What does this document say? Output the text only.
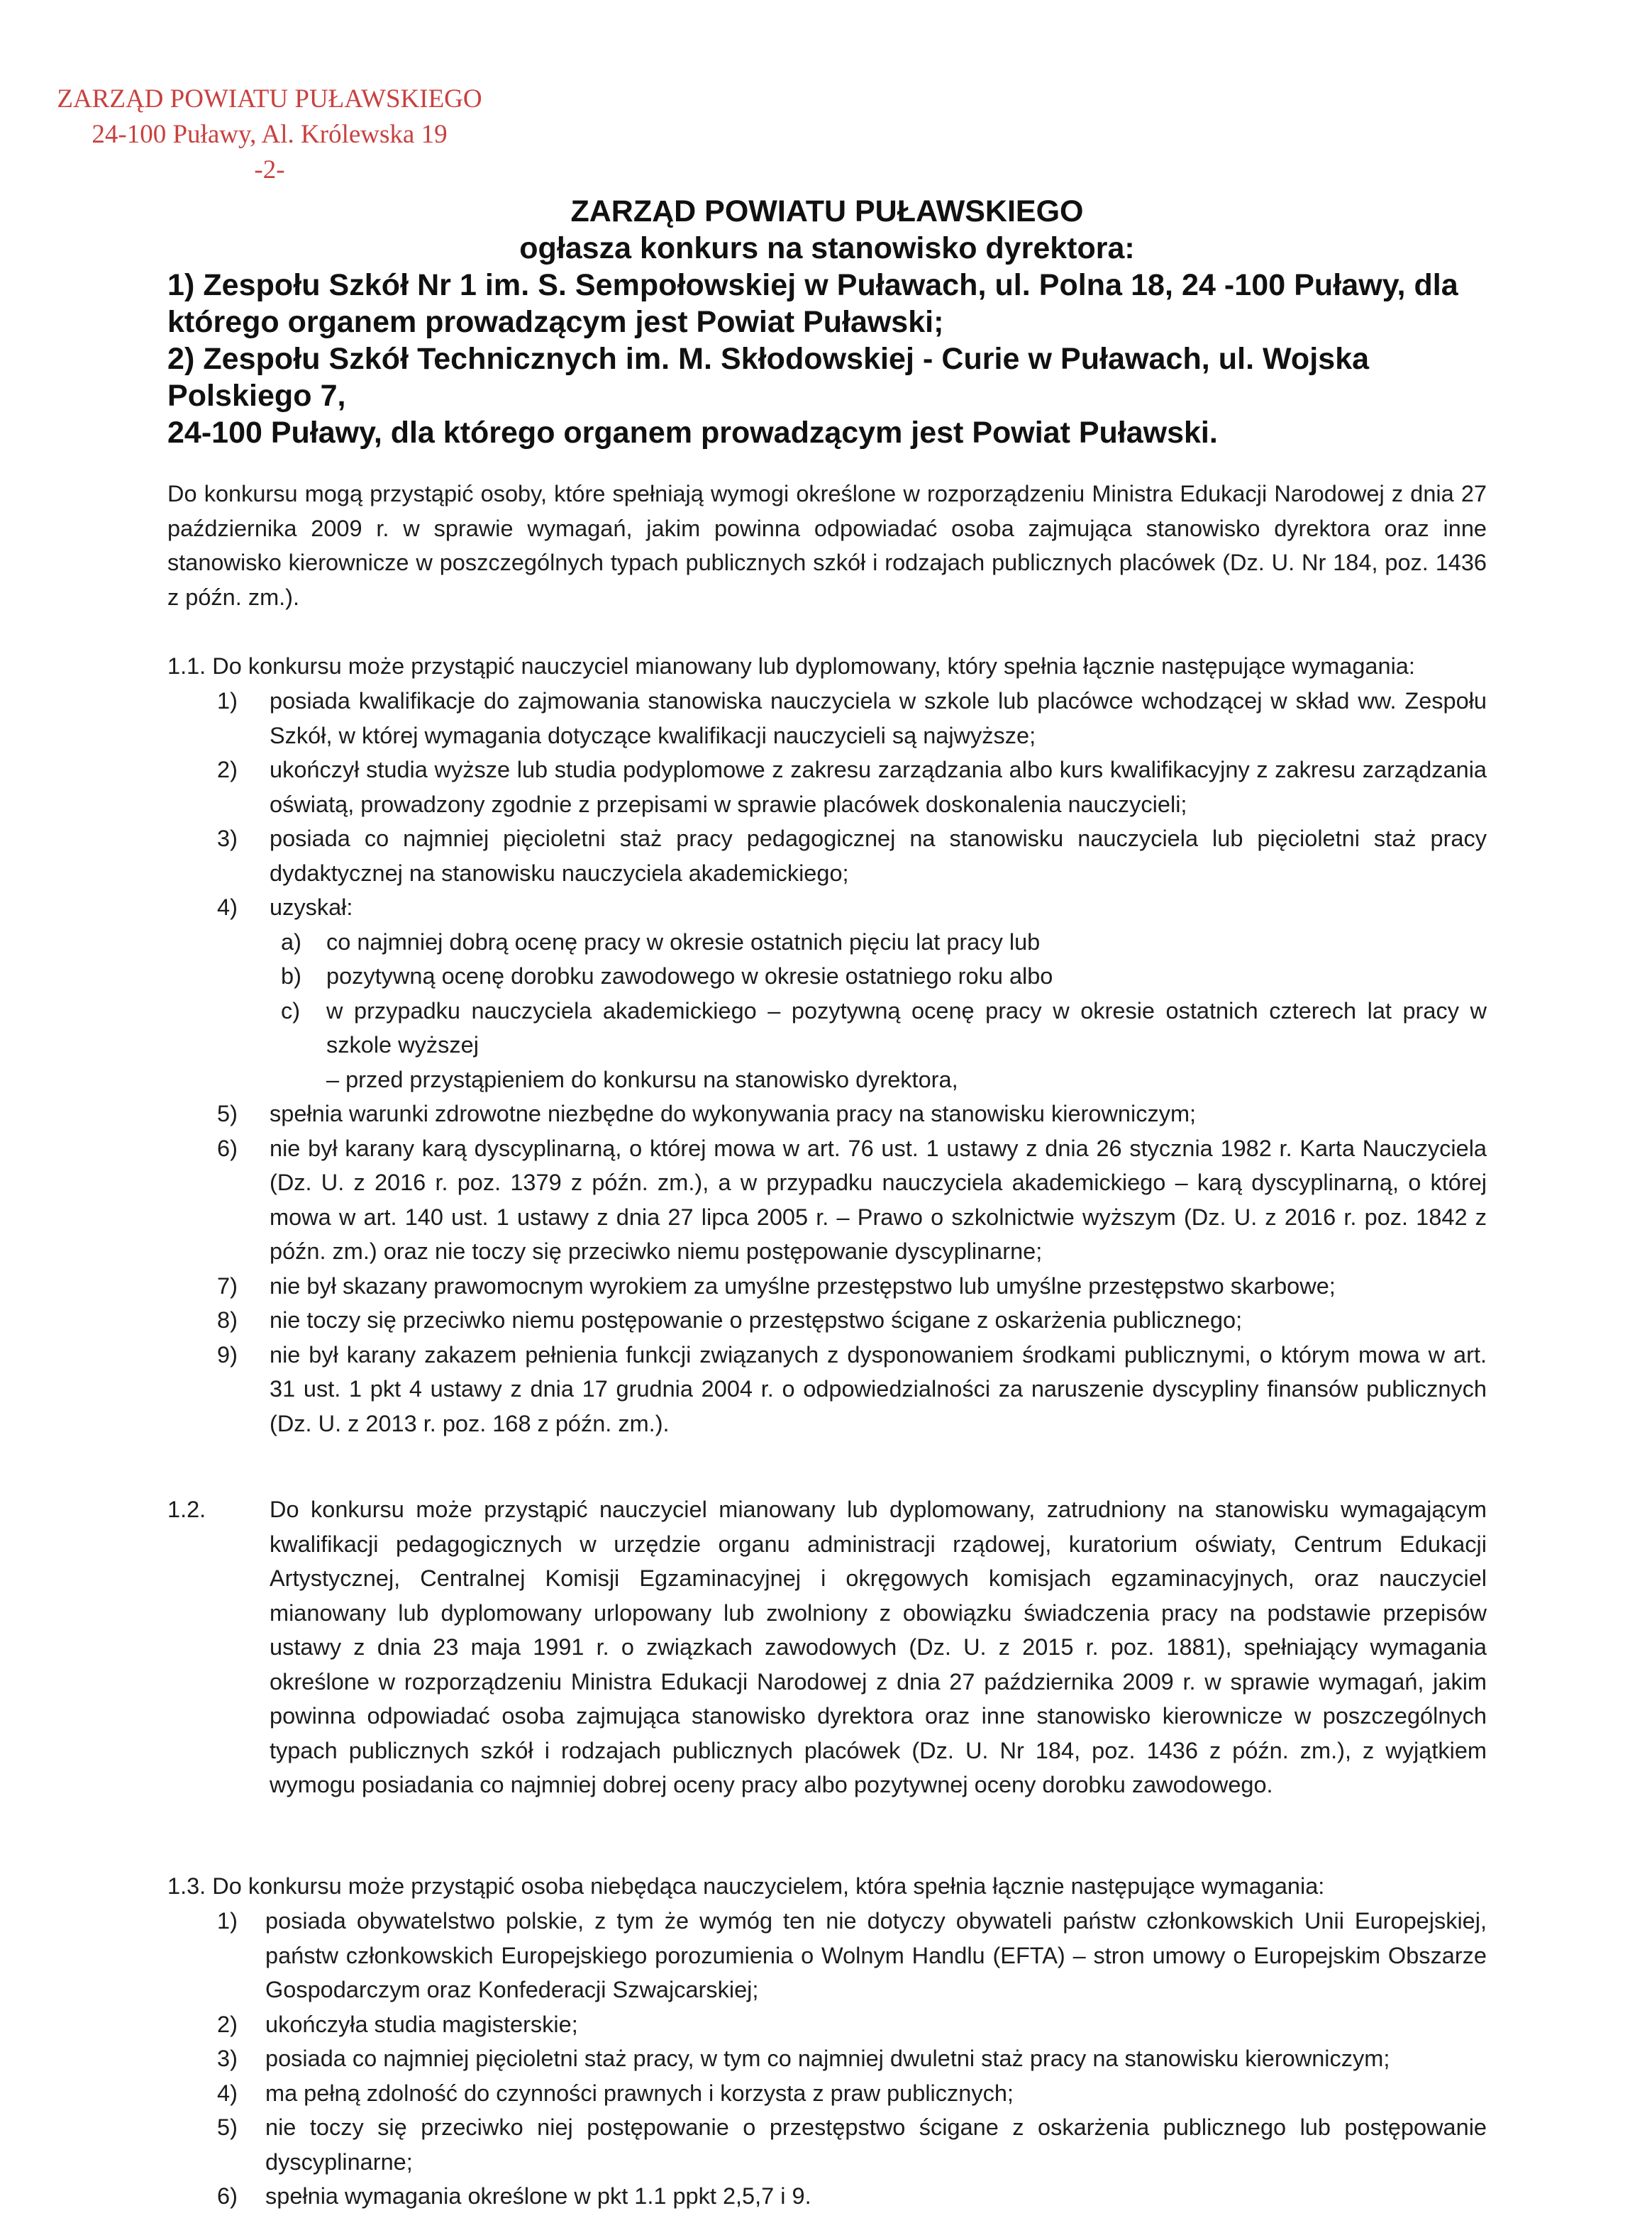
ZARZĄD POWIATU PUŁAWSKIEGO
24-100 Puławy, Al. Królewska 19
-2-
ZARZĄD POWIATU PUŁAWSKIEGO
ogłasza konkurs na stanowisko dyrektora:
1) Zespołu Szkół Nr 1 im. S. Sempołowskiej w Puławach, ul. Polna 18, 24 -100 Puławy, dla
którego organem prowadzącym jest Powiat Puławski;
2) Zespołu Szkół Technicznych im. M. Skłodowskiej - Curie w Puławach, ul. Wojska Polskiego 7,
24-100 Puławy, dla którego organem prowadzącym jest Powiat Puławski.

Do konkursu mogą przystąpić osoby, które spełniają wymogi określone w rozporządzeniu Ministra Edukacji Narodowej z dnia 27 października 2009 r. w sprawie wymagań, jakim powinna odpowiadać osoba zajmująca stanowisko dyrektora oraz inne stanowisko kierownicze w poszczególnych typach publicznych szkół i rodzajach publicznych placówek (Dz. U. Nr 184, poz. 1436 z późn. zm.).

1.1. Do konkursu może przystąpić nauczyciel mianowany lub dyplomowany, który spełnia łącznie następujące wymagania:
1) posiada kwalifikacje do zajmowania stanowiska nauczyciela w szkole lub placówce wchodzącej w skład ww. Zespołu Szkół, w której wymagania dotyczące kwalifikacji nauczycieli są najwyższe;
2) ukończył studia wyższe lub studia podyplomowe z zakresu zarządzania albo kurs kwalifikacyjny z zakresu zarządzania oświatą, prowadzony zgodnie z przepisami w sprawie placówek doskonalenia nauczycieli;
3) posiada co najmniej pięcioletni staż pracy pedagogicznej na stanowisku nauczyciela lub pięcioletni staż pracy dydaktycznej na stanowisku nauczyciela akademickiego;
4) uzyskał:
a) co najmniej dobrą ocenę pracy w okresie ostatnich pięciu lat pracy lub
b) pozytywną ocenę dorobku zawodowego w okresie ostatniego roku albo
c) w przypadku nauczyciela akademickiego – pozytywną ocenę pracy w okresie ostatnich czterech lat pracy w szkole wyższej
– przed przystąpieniem do konkursu na stanowisko dyrektora,
5) spełnia warunki zdrowotne niezbędne do wykonywania pracy na stanowisku kierowniczym;
6) nie był karany karą dyscyplinarną, o której mowa w art. 76 ust. 1 ustawy z dnia 26 stycznia 1982 r. Karta Nauczyciela (Dz. U. z 2016 r. poz. 1379 z późn. zm.), a w przypadku nauczyciela akademickiego – karą dyscyplinarną, o której mowa w art. 140 ust. 1 ustawy z dnia 27 lipca 2005 r. – Prawo o szkolnictwie wyższym (Dz. U. z 2016 r. poz. 1842 z późn. zm.) oraz nie toczy się przeciwko niemu postępowanie dyscyplinarne;
7) nie był skazany prawomocnym wyrokiem za umyślne przestępstwo lub umyślne przestępstwo skarbowe;
8) nie toczy się przeciwko niemu postępowanie o przestępstwo ścigane z oskarżenia publicznego;
9) nie był karany zakazem pełnienia funkcji związanych z dysponowaniem środkami publicznymi, o którym mowa w art. 31 ust. 1 pkt 4 ustawy z dnia 17 grudnia 2004 r. o odpowiedzialności za naruszenie dyscypliny finansów publicznych (Dz. U. z 2013 r. poz. 168 z późn. zm.).
1.2.	Do konkursu może przystąpić nauczyciel mianowany lub dyplomowany, zatrudniony na stanowisku wymagającym kwalifikacji pedagogicznych w urzędzie organu administracji rządowej, kuratorium oświaty, Centrum Edukacji Artystycznej, Centralnej Komisji Egzaminacyjnej i okręgowych komisjach egzaminacyjnych, oraz nauczyciel mianowany lub dyplomowany urlopowany lub zwolniony z obowiązku świadczenia pracy na podstawie przepisów ustawy z dnia 23 maja 1991 r. o związkach zawodowych (Dz. U. z 2015 r. poz. 1881), spełniający wymagania określone w rozporządzeniu Ministra Edukacji Narodowej z dnia 27 października 2009 r. w sprawie wymagań, jakim powinna odpowiadać osoba zajmująca stanowisko dyrektora oraz inne stanowisko kierownicze w poszczególnych typach publicznych szkół i rodzajach publicznych placówek (Dz. U. Nr 184, poz. 1436 z późn. zm.), z wyjątkiem wymogu posiadania co najmniej dobrej oceny pracy albo pozytywnej oceny dorobku zawodowego.
1.3. Do konkursu może przystąpić osoba niebędąca nauczycielem, która spełnia łącznie następujące wymagania:
1) posiada obywatelstwo polskie, z tym że wymóg ten nie dotyczy obywateli państw członkowskich Unii Europejskiej, państw członkowskich Europejskiego porozumienia o Wolnym Handlu (EFTA) – stron umowy o Europejskim Obszarze Gospodarczym oraz Konfederacji Szwajcarskiej;
2) ukończyła studia magisterskie;
3) posiada co najmniej pięcioletni staż pracy, w tym co najmniej dwuletni staż pracy na stanowisku kierowniczym;
4) ma pełną zdolność do czynności prawnych i korzysta z praw publicznych;
5) nie toczy się przeciwko niej postępowanie o przestępstwo ścigane z oskarżenia publicznego lub postępowanie dyscyplinarne;
6) spełnia wymagania określone w pkt 1.1 ppkt 2,5,7 i 9.
